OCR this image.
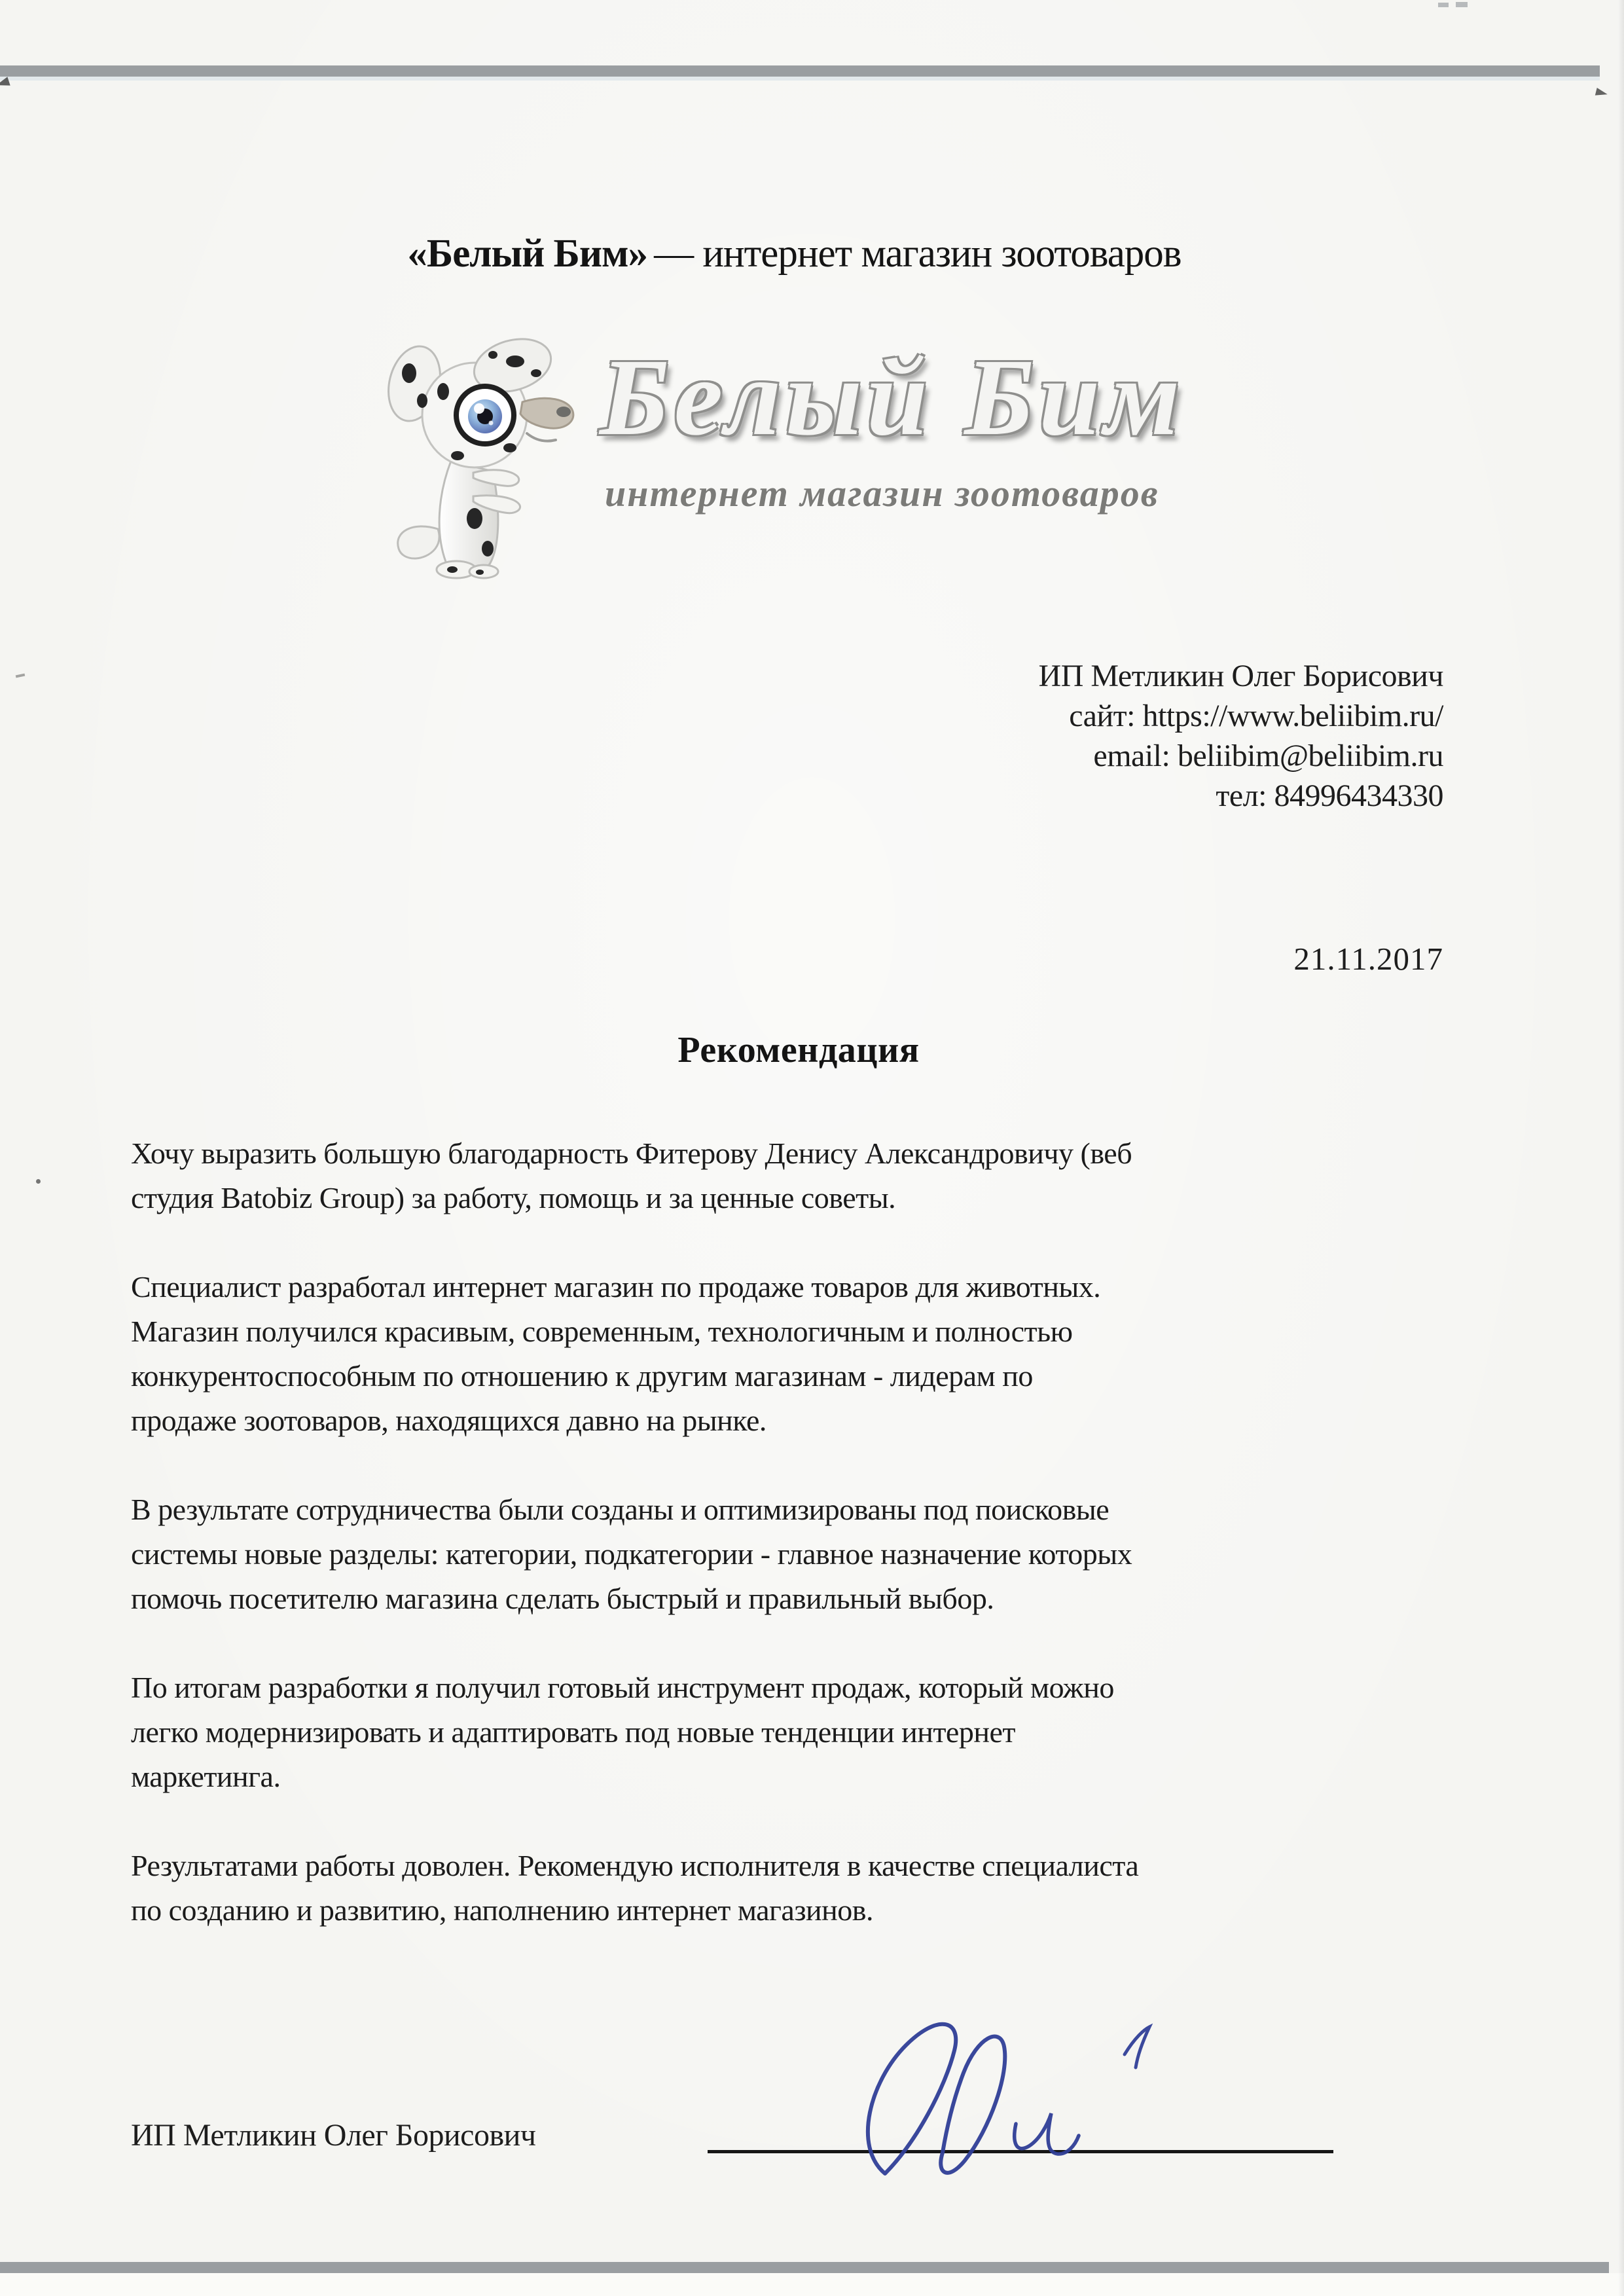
«Белый Бим» — интернет магазин зоотоваров
Белый Бим
интернет магазин зоотоваров
ИП Метликин Олег Борисович
сайт: https://www.beliibim.ru/
email: beliibim@beliibim.ru
тел: 84996434330
21.11.2017
Рекомендация
Хочу выразить большую благодарность Фитерову Денису Александровичу (веб
студия Batobiz Group) за работу, помощь и за ценные советы.
Специалист разработал интернет магазин по продаже товаров для животных.
Магазин получился красивым, современным, технологичным и полностью
конкурентоспособным по отношению к другим магазинам - лидерам по
продаже зоотоваров, находящихся давно на рынке.
В результате сотрудничества были созданы и оптимизированы под поисковые
системы новые разделы: категории, подкатегории - главное назначение которых
помочь посетителю магазина сделать быстрый и правильный выбор.
По итогам разработки я получил готовый инструмент продаж, который можно
легко модернизировать и адаптировать под новые тенденции интернет
маркетинга.
Результатами работы доволен. Рекомендую исполнителя в качестве специалиста
по созданию и развитию, наполнению интернет магазинов.
ИП Метликин Олег Борисович
